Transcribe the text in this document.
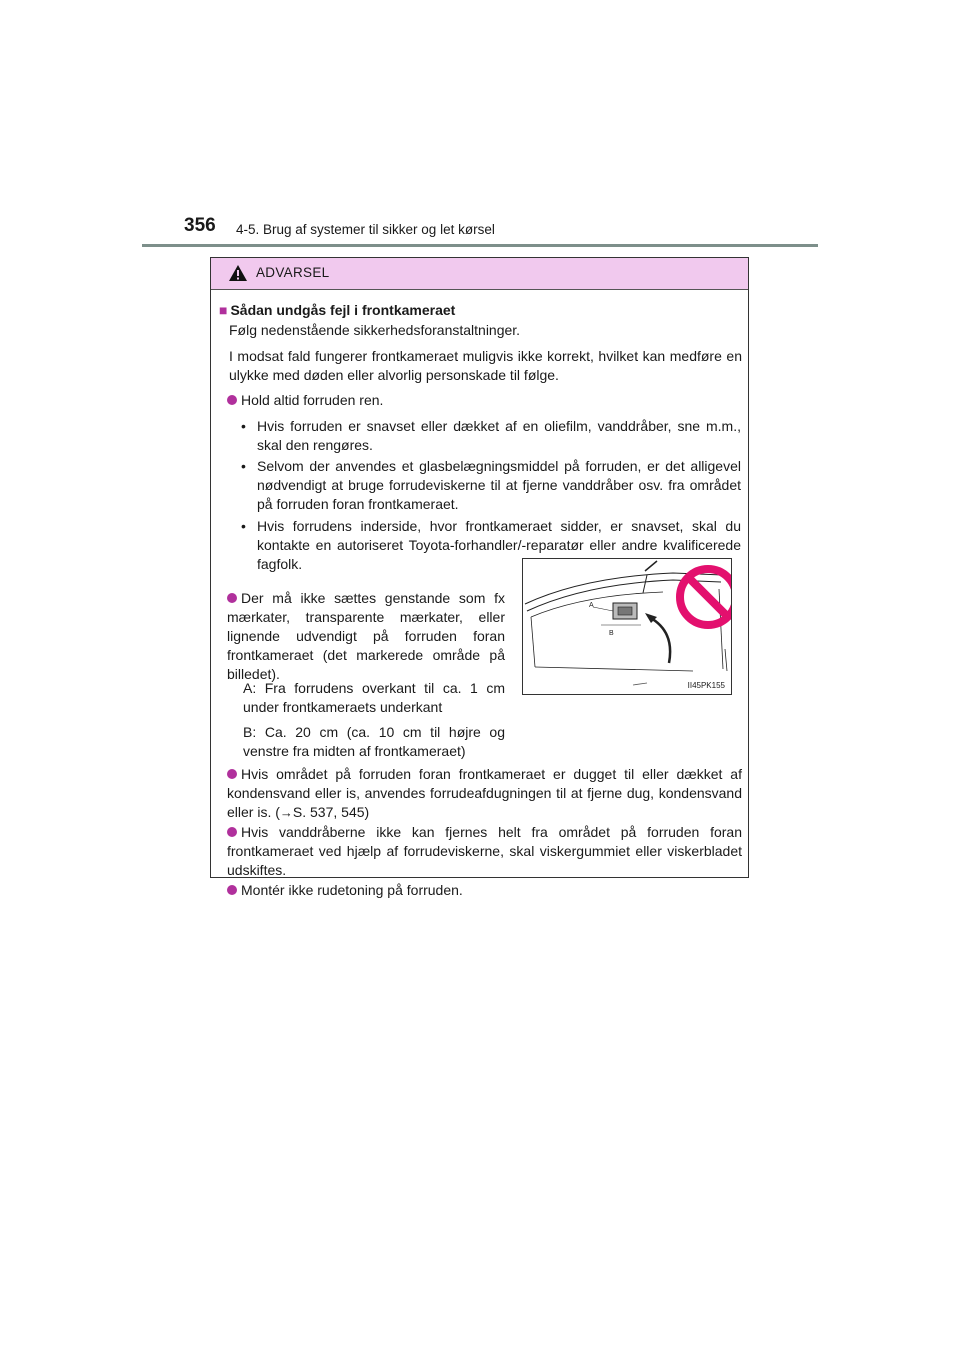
356 4-5. Brug af systemer til sikker og let kørsel
ADVARSEL
■ Sådan undgås fejl i frontkameraet
Følg nedenstående sikkerhedsforanstaltninger.
I modsat fald fungerer frontkameraet muligvis ikke korrekt, hvilket kan medføre en ulykke med døden eller alvorlig personskade til følge.
Hold altid forruden ren.
• Hvis forruden er snavset eller dækket af en oliefilm, vanddråber, sne m.m., skal den rengøres.
• Selvom der anvendes et glasbelægningsmiddel på forruden, er det alligevel nødvendigt at bruge forrudeviskerne til at fjerne vanddråber osv. fra området på forruden foran frontkameraet.
• Hvis forrudens inderside, hvor frontkameraet sidder, er snavset, skal du kontakte en autoriseret Toyota-forhandler/-reparatør eller andre kvalificerede fagfolk.
Der må ikke sættes genstande som fx mærkater, transparente mærkater, eller lignende udvendigt på forruden foran frontkameraet (det markerede område på billedet).
A: Fra forrudens overkant til ca. 1 cm under frontkameraets underkant
B: Ca. 20 cm (ca. 10 cm til højre og venstre fra midten af frontkameraet)
Hvis området på forruden foran frontkameraet er dugget til eller dækket af kondensvand eller is, anvendes forrudeafdugningen til at fjerne dug, kondensvand eller is. (→S. 537, 545)
Hvis vanddråberne ikke kan fjernes helt fra området på forruden foran frontkameraet ved hjælp af forrudeviskerne, skal viskergummiet eller viskerbladet udskiftes.
Montér ikke rudetoning på forruden.
A
B
II45PK155
